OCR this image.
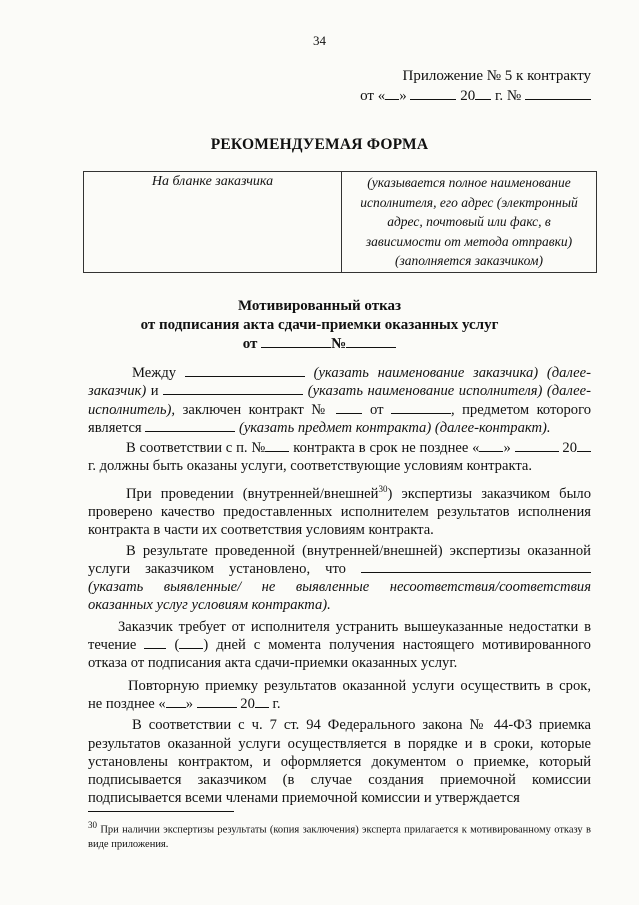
34
Приложение № 5 к контракту
от « »	20 г. №
РЕКОМЕНДУЕМАЯ ФОРМА
На бланке заказчика	(указывается полное наименование исполнителя, его адрес (электронный адрес, почтовый или факс, в зависимости от метода отправки) (заполняется заказчиком)
Мотивированный отказ
от подписания акта сдачи-приемки оказанных услуг
от	№

Между	(указать наименование заказчика) (далее-заказчик) и	(указать наименование исполнителя) (далее-исполнитель), заключен контракт №	от	, предметом которого является	(указать предмет контракта) (далее-контракт).

В соответствии с п. № контракта в срок не позднее « »	20г. должны быть оказаны услуги, соответствующие условиям контракта.

При проведении (внутренней/внешней$^{30}$) экспертизы заказчиком было проверено качество предоставленных исполнителем результатов исполнения контракта в части их соответствия условиям контракта.

В результате проведенной (внутренней/внешней) экспертизы оказанной услуги заказчиком установлено, что  (указать выявленные/ не выявленные несоответствия/соответствия оказанных услуг условиям контракта).

Заказчик требует от исполнителя устранить вышеуказанные недостатки в течение	( ) дней с момента получения настоящего мотивированного отказа от подписания акта сдачи-приемки оказанных услуг.

Повторную приемку результатов оказанной услуги осуществить в срок, не позднее « »	20 г.

В соответствии с ч. 7 ст. 94 Федерального закона № 44-ФЗ приемка результатов оказанной услуги осуществляется в порядке и в сроки, которые установлены контрактом, и оформляется документом о приемке, который подписывается заказчиком (в случае создания приемочной комиссии подписывается всеми членами приемочной комиссии и утверждается

$^{30}$ При наличии экспертизы результаты (копия заключения) эксперта прилагается к мотивированному отказу в виде приложения.
